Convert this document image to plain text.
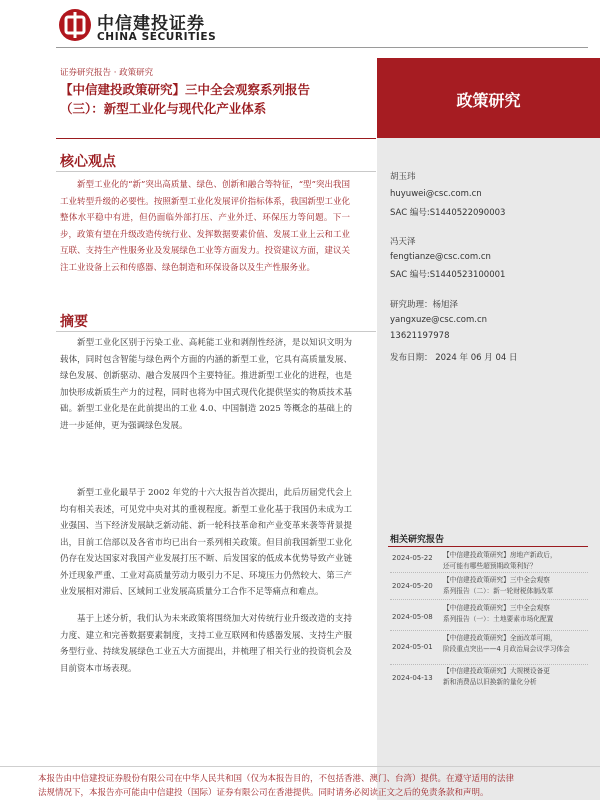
中信建投证券
CHINA SECURITIES
证券研究报告 · 政策研究
【中信建投政策研究】三中全会观察系列报告
（三）：新型工业化与现代化产业体系	政策研究
胡玉玮
huyuwei@csc.com.cn
SAC 编号:S1440522090003
冯天泽
fengtianze@csc.com.cn
SAC 编号:S1440523100001
研究助理：杨旭泽
yangxuze@csc.com.cn
13621197978
发布日期： 2024 年 06 月 04 日
相关研究报告
2024-05-22	【中信建投政策研究】房地产新政后，
还可能有哪些超预期政策利好？
2024-05-20
【中信建投政策研究】三中全会观察
系列报告（二）：新一轮财税体制改革
2024-05-08
【中信建投政策研究】三中全会观察
系列报告（一）：土地要素市场化配置
2024-05-01
【中信建投政策研究】全面改革可期，
阶段重点突出——4 月政治局会议学习体会
2024-04-13
【中信建投政策研究】大规模设备更
新和消费品以旧换新的量化分析
核心观点
新型工业化的“新”突出高质量、绿色、创新和融合等特征，“型”突出我国工业转型升级的必要性。按照新型工业化发展评价指标体系，我国新型工业化整体水平稳中有进，但仍面临外部打压、产业外迁、环保压力等问题。下一步，政策有望在升级改造传统行业、发挥数据要素价值、发展工业上云和工业互联、支持生产性服务业及发展绿色工业等方面发力。投资建议方面，建议关注工业设备上云和传感器、绿色制造和环保设备以及生产性服务业。
摘要
新型工业化区别于污染工业、高耗能工业和剥削性经济，是以知识文明为载体，同时包含智能与绿色两个方面的内涵的新型工业，它具有高质量发展、绿色发展、创新驱动、融合发展四个主要特征。推进新型工业化的进程，也是加快形成新质生产力的过程，同时也将为中国式现代化提供坚实的物质技术基础。新型工业化是在此前提出的工业 4.0、中国制造 2025 等概念的基础上的进一步延伸，更为强调绿色发展。
新型工业化最早于 2002 年党的十六大报告首次提出，此后历届党代会上均有相关表述，可见党中央对其的重视程度。新型工业化基于我国仍未成为工业强国、当下经济发展缺乏新动能、新一轮科技革命和产业变革来袭等背景提出，目前工信部以及各省市均已出台一系列相关政策。但目前我国新型工业化仍存在发达国家对我国产业发展打压不断、后发国家的低成本优势导致产业链外迁现象严重、工业对高质量劳动力吸引力不足、环境压力仍然较大、第三产业发展相对滞后、区域间工业发展高质量分工合作不足等痛点和难点。
基于上述分析，我们认为未来政策将围绕加大对传统行业升级改造的支持力度、建立和完善数据要素制度，支持工业互联网和传感器发展、支持生产服务型行业、持续发展绿色工业五大方面提出，并梳理了相关行业的投资机会及目前资本市场表现。
本报告由中信建投证券股份有限公司在中华人民共和国（仅为本报告目的，不包括香港、澳门、台湾）提供。在遵守适用的法律
法规情况下，本报告亦可能由中信建投（国际）证券有限公司在香港提供。同时请务必阅读正文之后的免责条款和声明。
